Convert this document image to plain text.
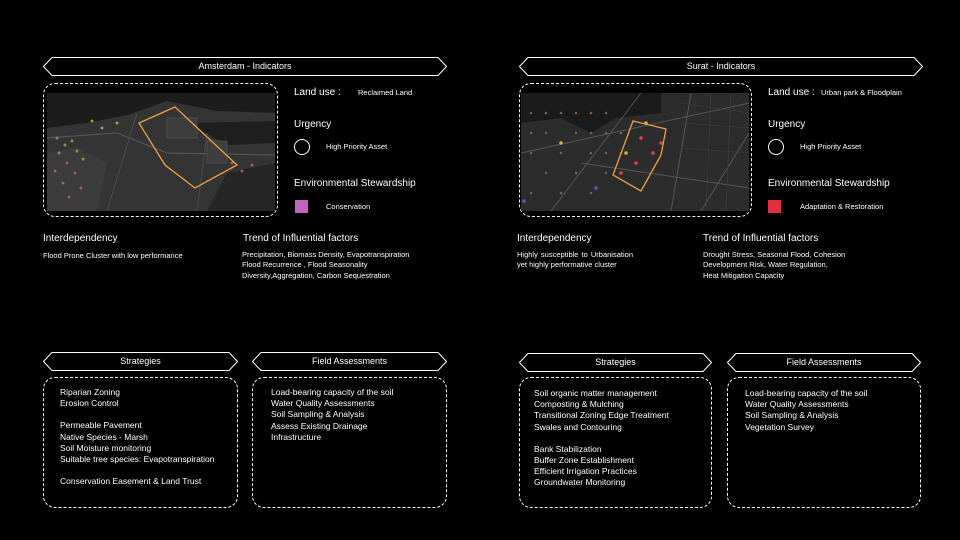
Amsterdam - Indicators
Land use : Reclaimed Land
Urgency
High Priority Asset
Environmental Stewardship
Conservation
Interdependency
Flood Prone Cluster with low performance
Trend of Influential factors
Precipitation, Biomass Density, Evapotranspiration
Flood Recurrence , Flood Seasonality
Diversity,Aggregation, Carbon Sequestration
Strategies
Riparian Zoning
Erosion Control
Permeable Pavement
Native Species - Marsh
Soil Moisture monitoring
Suitable tree species: Evapotranspiration
Conservation Easement & Land Trust
Field Assessments
Load-bearing capacity of the soil
Water Quality Assessments
Soil Sampling & Analysis
Assess Existing Drainage
Infrastructure
Surat - Indicators
Land use : Urban park & Floodplain
Urgency
High Priority Asset
Environmental Stewardship
Adaptation & Restoration
Interdependency
Highly susceptible to Urbanisation yet highly performative cluster
Trend of Influential factors
Drought Stress, Seasonal Flood, Cohesion
Development Risk, Water Regulation,
Heat Mitigation Capacity
Strategies
Soil organic matter management
Composting & Mulching
Transitional Zoning Edge Treatment
Swales and Contouring
Bank Stabilization
Buffer Zone Establishment
Efficient Irrigation Practices
Groundwater Monitoring
Field Assessments
Load-bearing capacity of the soil
Water Quality Assessments
Soil Sampling & Analysis
Vegetation Survey
